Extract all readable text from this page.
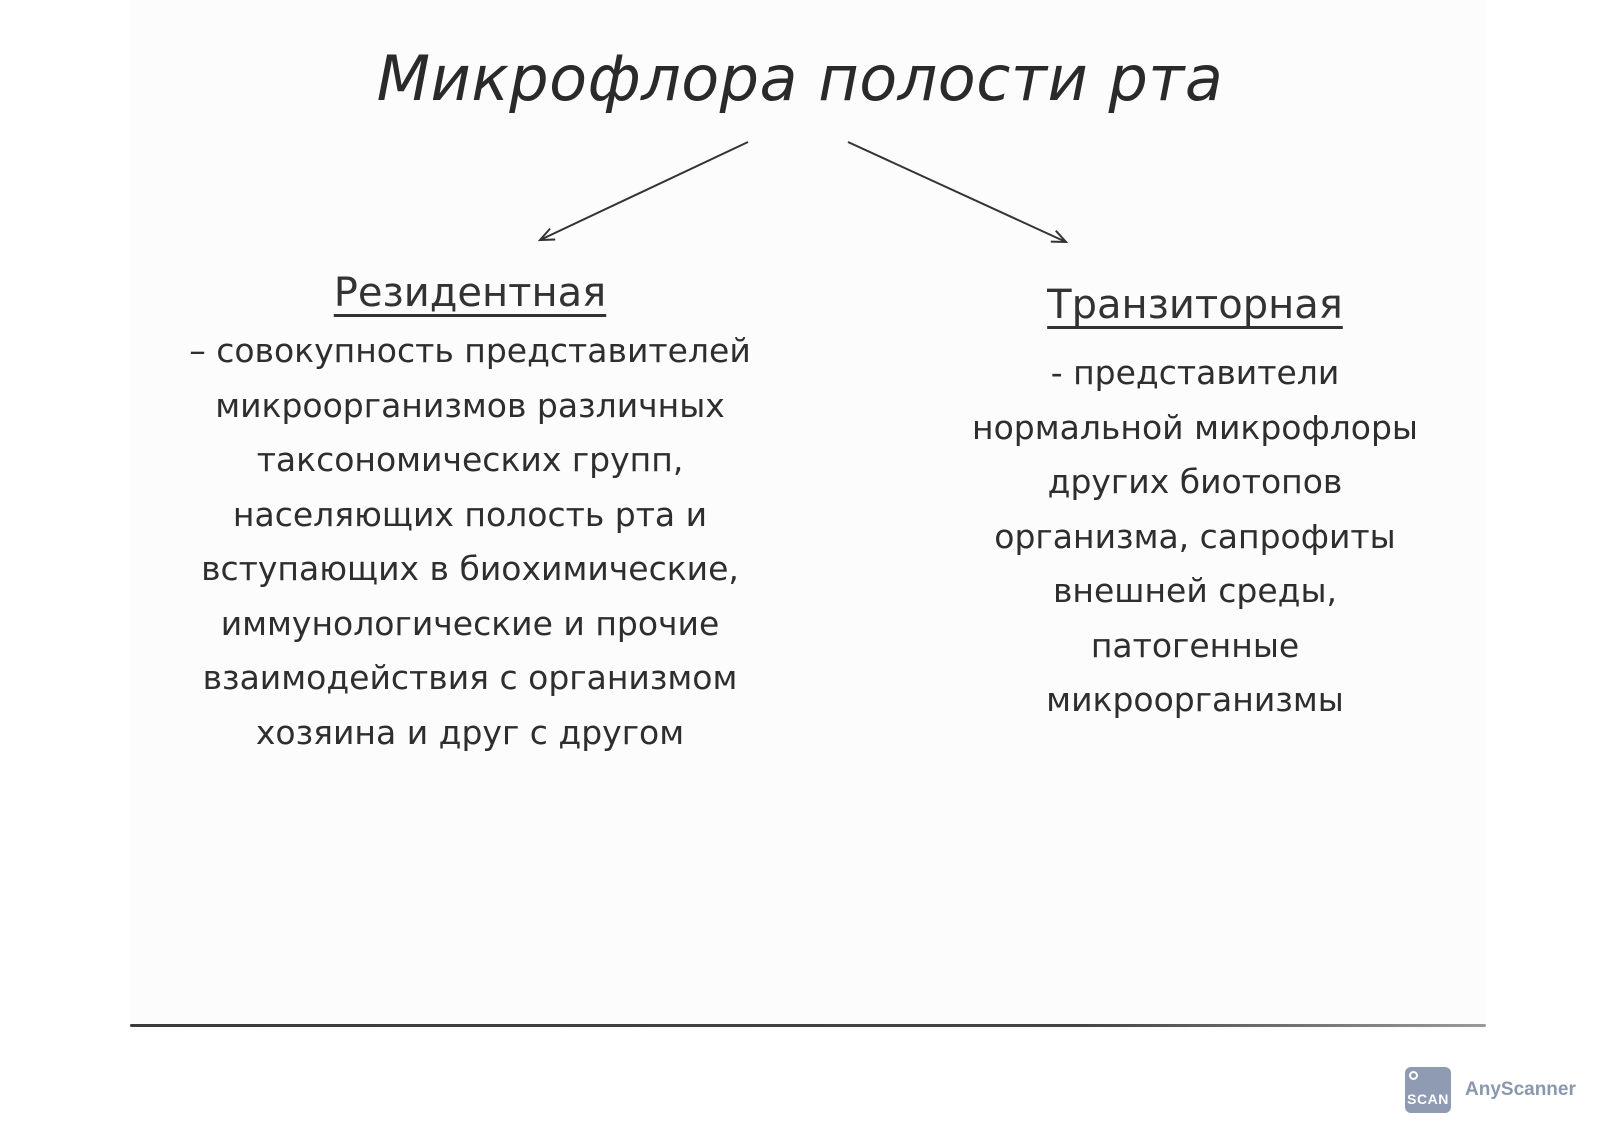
Микрофлора полости рта
Резидентная
– совокупность представителей
микроорганизмов различных
таксономических групп,
населяющих полость рта и
вступающих в биохимические,
иммунологические и прочие
взаимодействия с организмом
хозяина и друг с другом
Транзиторная
- представители
нормальной микрофлоры
других биотопов
организма, сапрофиты
внешней среды,
патогенные
микроорганизмы
SCAN AnyScanner
